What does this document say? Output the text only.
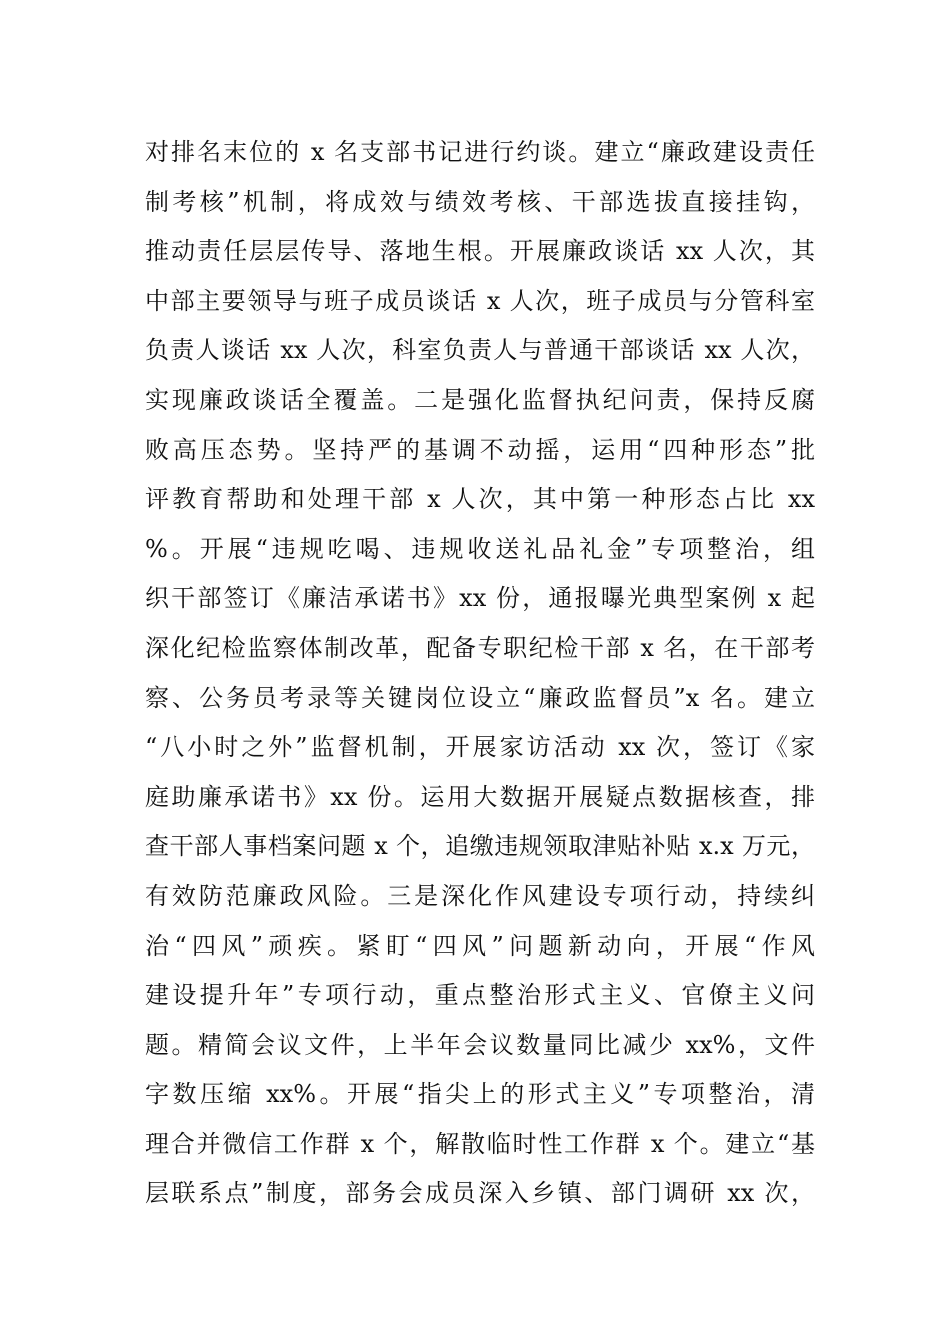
对排名末位的 x 名支部书记进行约谈。建立“廉政建设责任
制考核”机制，将成效与绩效考核、干部选拔直接挂钩，
推动责任层层传导、落地生根。开展廉政谈话 xx 人次，其
中部主要领导与班子成员谈话 x 人次，班子成员与分管科室
负责人谈话 xx 人次，科室负责人与普通干部谈话 xx 人次，
实现廉政谈话全覆盖。二是强化监督执纪问责，保持反腐
败高压态势。坚持严的基调不动摇，运用“四种形态”批
评教育帮助和处理干部 x 人次，其中第一种形态占比 xx
%。开展“违规吃喝、违规收送礼品礼金”专项整治，组
织干部签订《廉洁承诺书》xx 份，通报曝光典型案例 x 起
深化纪检监察体制改革，配备专职纪检干部 x 名，在干部考
察、公务员考录等关键岗位设立“廉政监督员”x 名。建立
“八小时之外”监督机制，开展家访活动 xx 次，签订《家
庭助廉承诺书》xx 份。运用大数据开展疑点数据核查，排
查干部人事档案问题 x 个，追缴违规领取津贴补贴 x.x 万元，
有效防范廉政风险。三是深化作风建设专项行动，持续纠
治“四风”顽疾。紧盯“四风”问题新动向，开展“作风
建设提升年”专项行动，重点整治形式主义、官僚主义问
题。精简会议文件，上半年会议数量同比减少 xx%，文件
字数压缩 xx%。开展“指尖上的形式主义”专项整治，清
理合并微信工作群 x 个，解散临时性工作群 x 个。建立“基
层联系点”制度，部务会成员深入乡镇、部门调研 xx 次，
